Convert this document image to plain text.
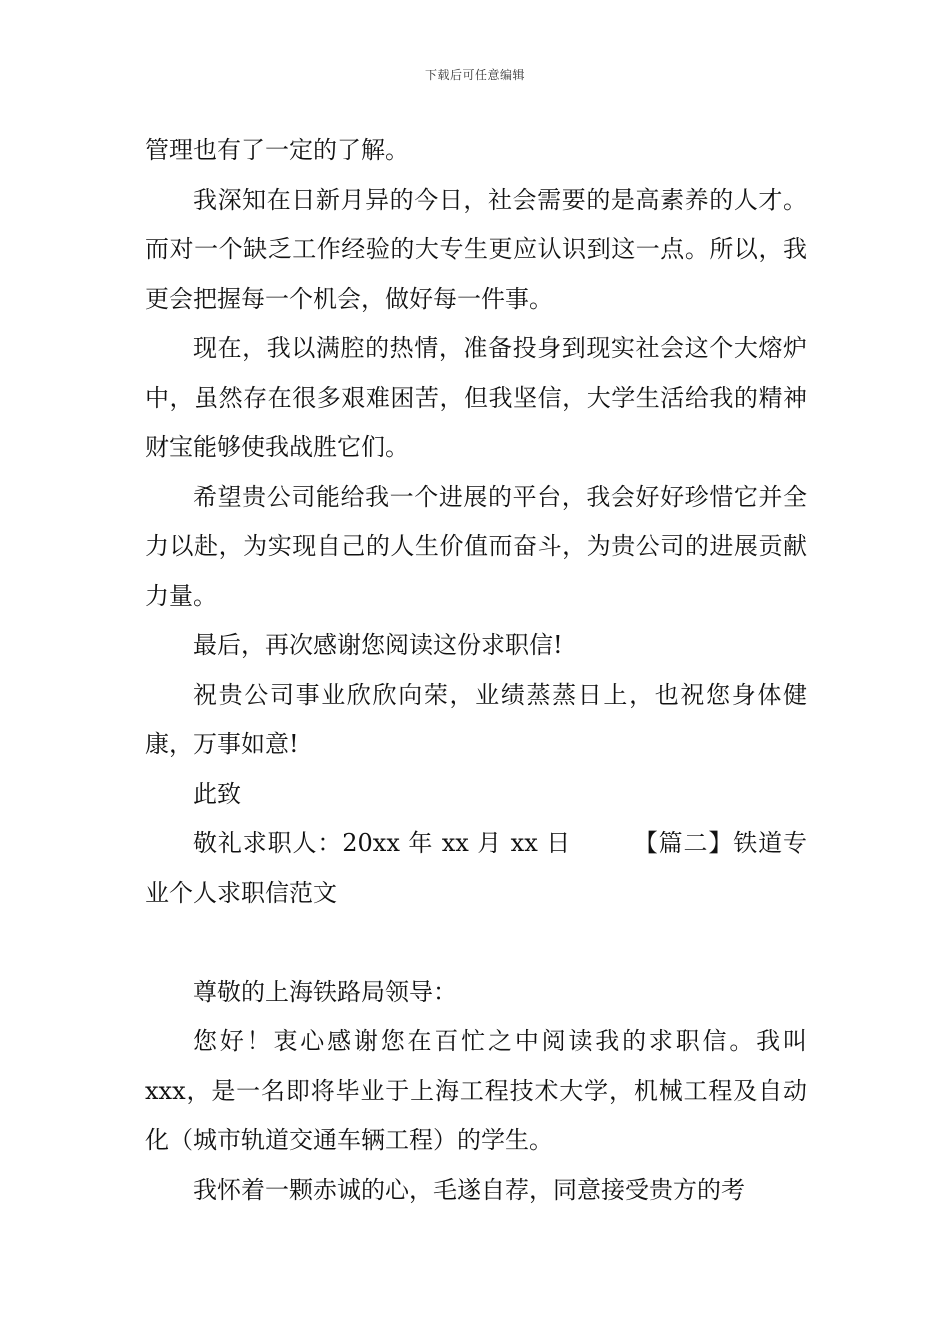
下载后可任意编辑

管理也有了一定的了解。

我深知在日新月异的今日，社会需要的是高素养的人才。而对一个缺乏工作经验的大专生更应认识到这一点。所以，我更会把握每一个机会，做好每一件事。

现在，我以满腔的热情，准备投身到现实社会这个大熔炉中，虽然存在很多艰难困苦，但我坚信，大学生活给我的精神财宝能够使我战胜它们。

希望贵公司能给我一个进展的平台，我会好好珍惜它并全力以赴，为实现自己的人生价值而奋斗，为贵公司的进展贡献力量。

最后，再次感谢您阅读这份求职信!

祝贵公司事业欣欣向荣，业绩蒸蒸日上，也祝您身体健康，万事如意!

此致

敬礼求职人：20xx 年 xx 月 xx 日　　　【篇二】铁道专业个人求职信范文

尊敬的上海铁路局领导：

您好！衷心感谢您在百忙之中阅读我的求职信。我叫 xxx，是一名即将毕业于上海工程技术大学，机械工程及自动化（城市轨道交通车辆工程）的学生。

我怀着一颗赤诚的心，毛遂自荐，同意接受贵方的考
